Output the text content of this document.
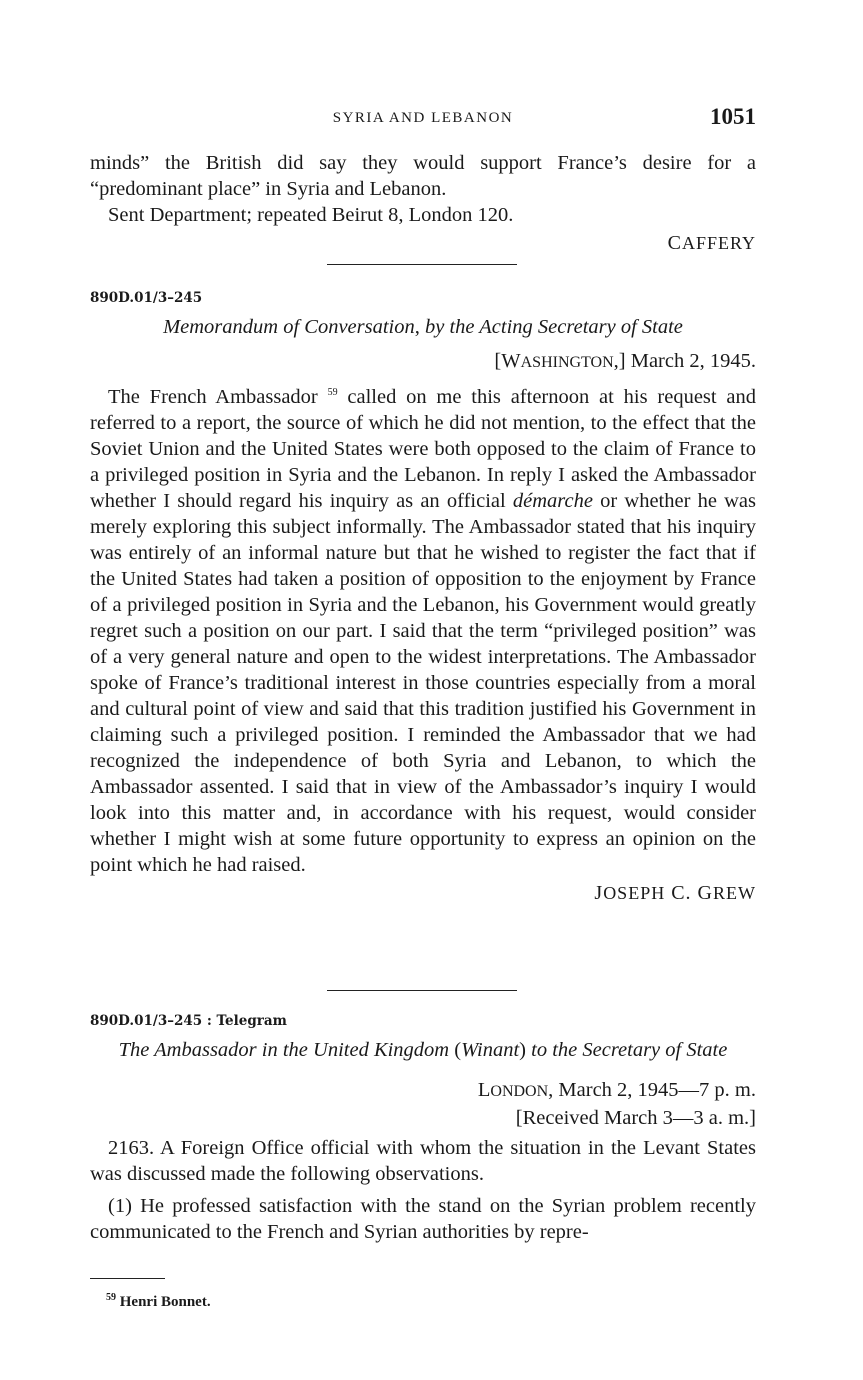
SYRIA AND LEBANON	1051
minds” the British did say they would support France’s desire for a “predominant place” in Syria and Lebanon.
Sent Department; repeated Beirut 8, London 120.
CAFFERY
890D.01/3–245
Memorandum of Conversation, by the Acting Secretary of State
[WASHINGTON,] March 2, 1945.
The French Ambassador $^{59}$ called on me this afternoon at his request and referred to a report, the source of which he did not mention, to the effect that the Soviet Union and the United States were both opposed to the claim of France to a privileged position in Syria and the Lebanon. In reply I asked the Ambassador whether I should regard his inquiry as an official démarche or whether he was merely exploring this subject informally. The Ambassador stated that his inquiry was entirely of an informal nature but that he wished to register the fact that if the United States had taken a position of opposition to the enjoyment by France of a privileged position in Syria and the Lebanon, his Government would greatly regret such a position on our part. I said that the term “privileged position” was of a very general nature and open to the widest interpretations. The Ambassador spoke of France’s traditional interest in those countries especially from a moral and cultural point of view and said that this tradition justified his Government in claiming such a privileged position. I reminded the Ambassador that we had recognized the independence of both Syria and Lebanon, to which the Ambassador assented. I said that in view of the Ambassador’s inquiry I would look into this matter and, in accordance with his request, would consider whether I might wish at some future opportunity to express an opinion on the point which he had raised.
JOSEPH C. GREW
890D.01/3–245 : Telegram
The Ambassador in the United Kingdom (Winant) to the Secretary of State
LONDON, March 2, 1945—7 p. m.
[Received March 3—3 a. m.]
2163. A Foreign Office official with whom the situation in the Levant States was discussed made the following observations.
(1) He professed satisfaction with the stand on the Syrian problem recently communicated to the French and Syrian authorities by repre-
$^{59}$ Henri Bonnet.
